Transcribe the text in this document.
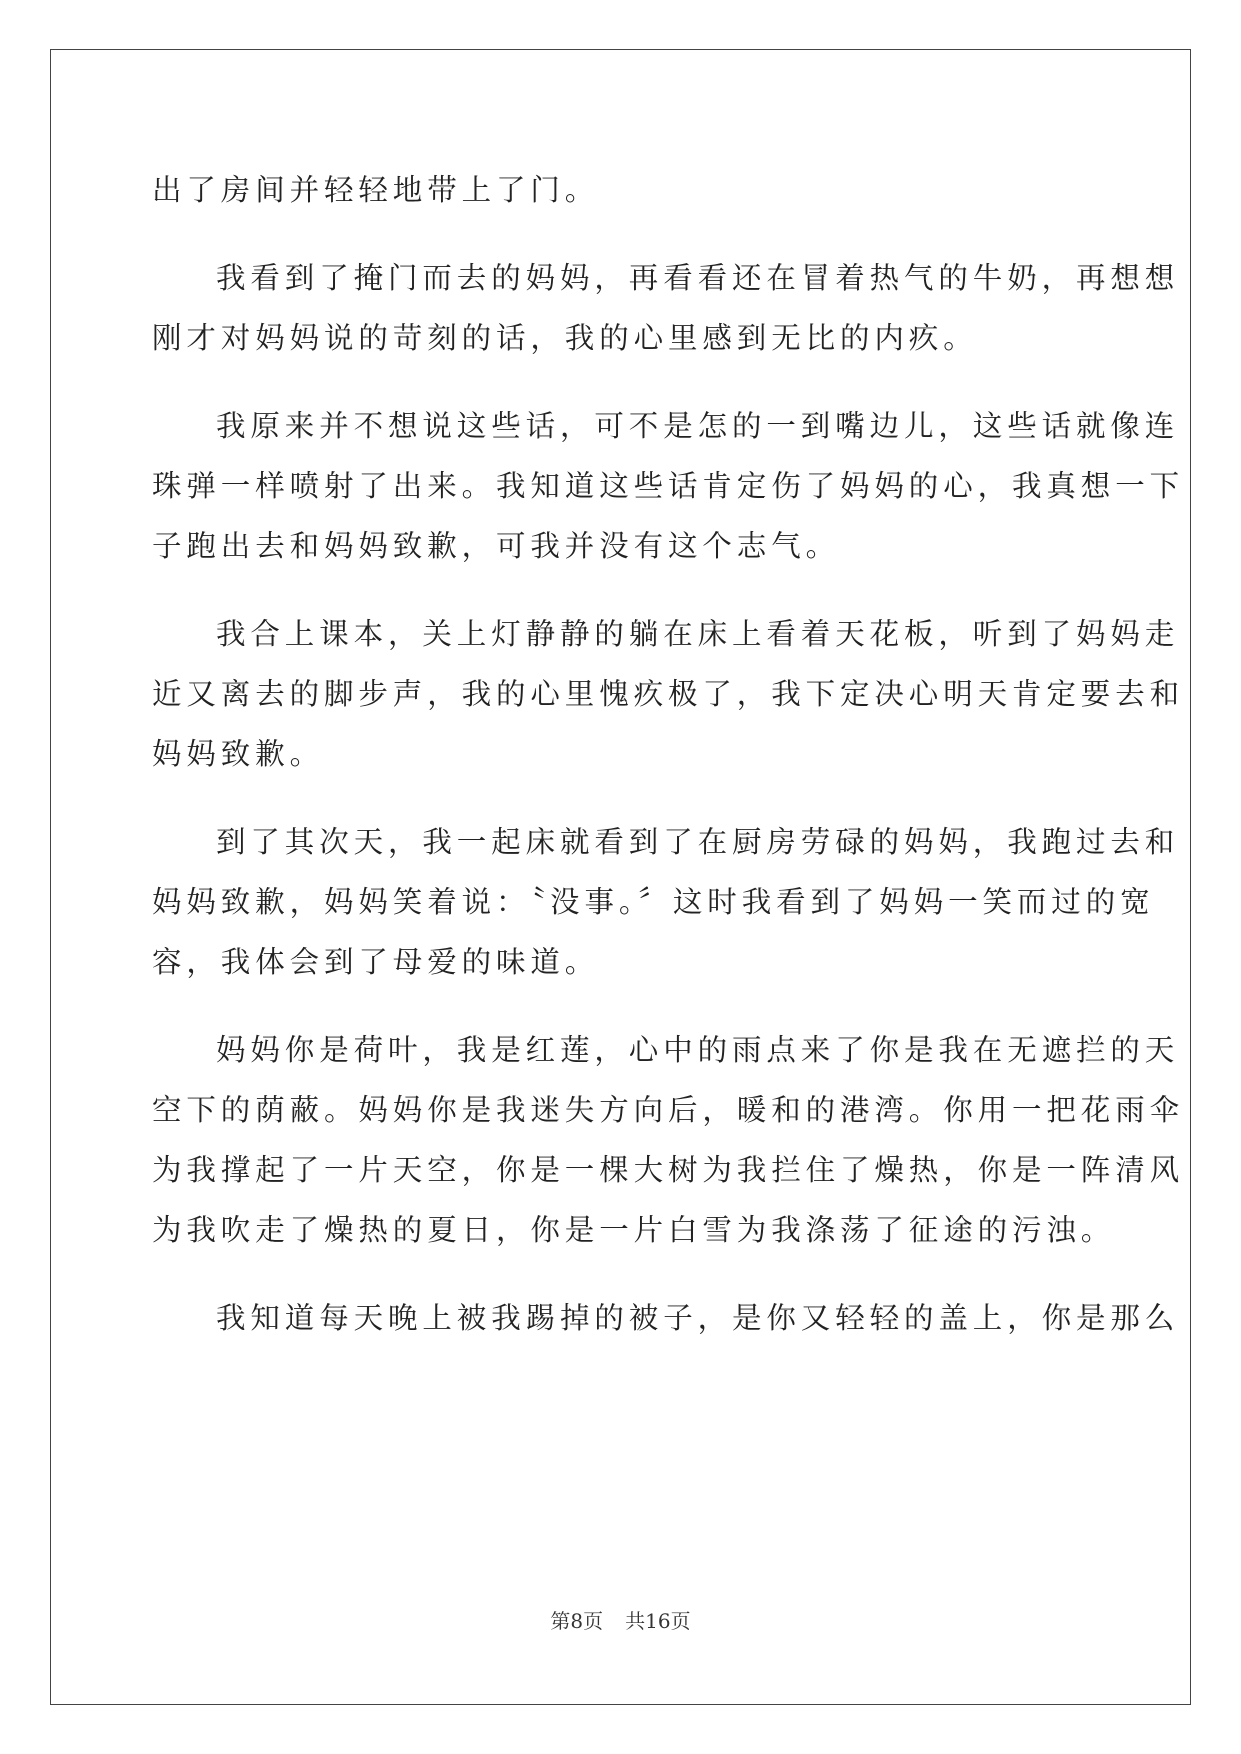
出了房间并轻轻地带上了门。
我看到了掩门而去的妈妈，再看看还在冒着热气的牛奶，再想想
刚才对妈妈说的苛刻的话，我的心里感到无比的内疚。
我原来并不想说这些话，可不是怎的一到嘴边儿，这些话就像连
珠弹一样喷射了出来。我知道这些话肯定伤了妈妈的心，我真想一下
子跑出去和妈妈致歉，可我并没有这个志气。
我合上课本，关上灯静静的躺在床上看着天花板，听到了妈妈走
近又离去的脚步声，我的心里愧疚极了，我下定决心明天肯定要去和
妈妈致歉。
到了其次天，我一起床就看到了在厨房劳碌的妈妈，我跑过去和
妈妈致歉，妈妈笑着说：〝没事。〞这时我看到了妈妈一笑而过的宽
容，我体会到了母爱的味道。
妈妈你是荷叶，我是红莲，心中的雨点来了你是我在无遮拦的天
空下的荫蔽。妈妈你是我迷失方向后，暖和的港湾。你用一把花雨伞
为我撑起了一片天空，你是一棵大树为我拦住了燥热，你是一阵清风
为我吹走了燥热的夏日，你是一片白雪为我涤荡了征途的污浊。
我知道每天晚上被我踢掉的被子，是你又轻轻的盖上，你是那么
第8页 共16页
